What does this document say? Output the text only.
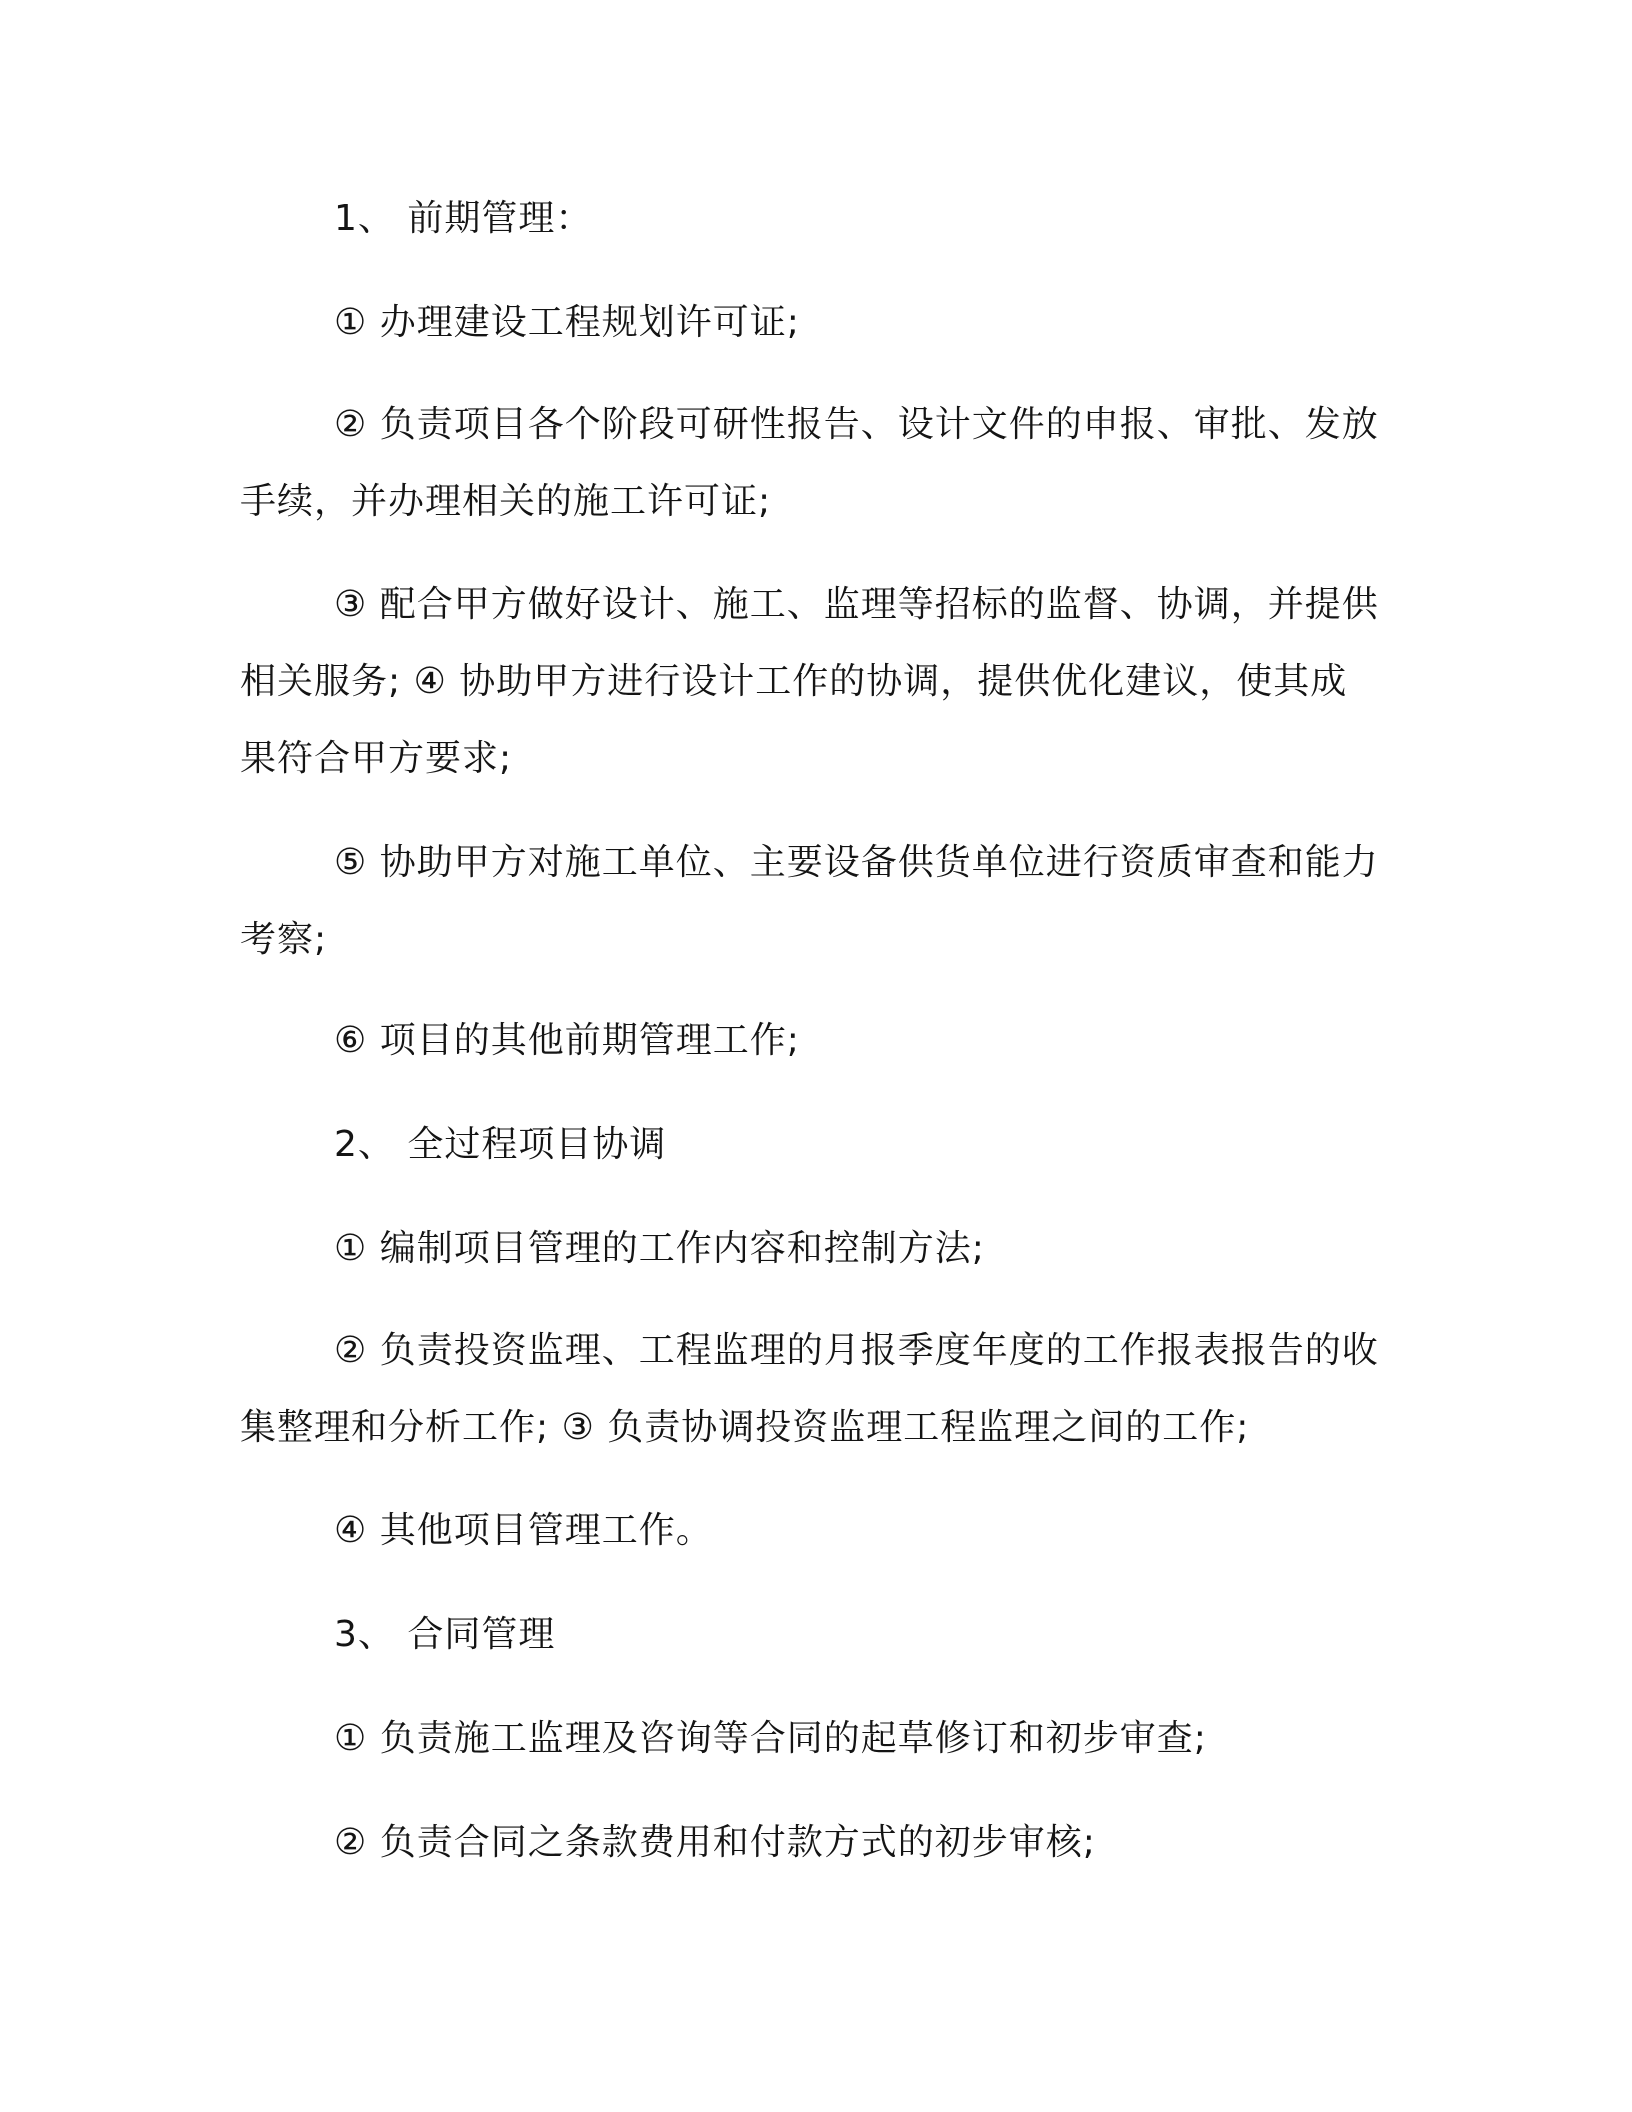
1、 前期管理：

① 办理建设工程规划许可证;

② 负责项目各个阶段可研性报告、设计文件的申报、审批、发放手续，并办理相关的施工许可证;

③ 配合甲方做好设计、施工、监理等招标的监督、协调，并提供相关服务; ④ 协助甲方进行设计工作的协调，提供优化建议，使其成果符合甲方要求;

⑤ 协助甲方对施工单位、主要设备供货单位进行资质审查和能力考察;

⑥ 项目的其他前期管理工作;

2、 全过程项目协调

① 编制项目管理的工作内容和控制方法;

② 负责投资监理、工程监理的月报季度年度的工作报表报告的收集整理和分析工作; ③ 负责协调投资监理工程监理之间的工作;

④ 其他项目管理工作。

3、 合同管理

① 负责施工监理及咨询等合同的起草修订和初步审查;

② 负责合同之条款费用和付款方式的初步审核;
